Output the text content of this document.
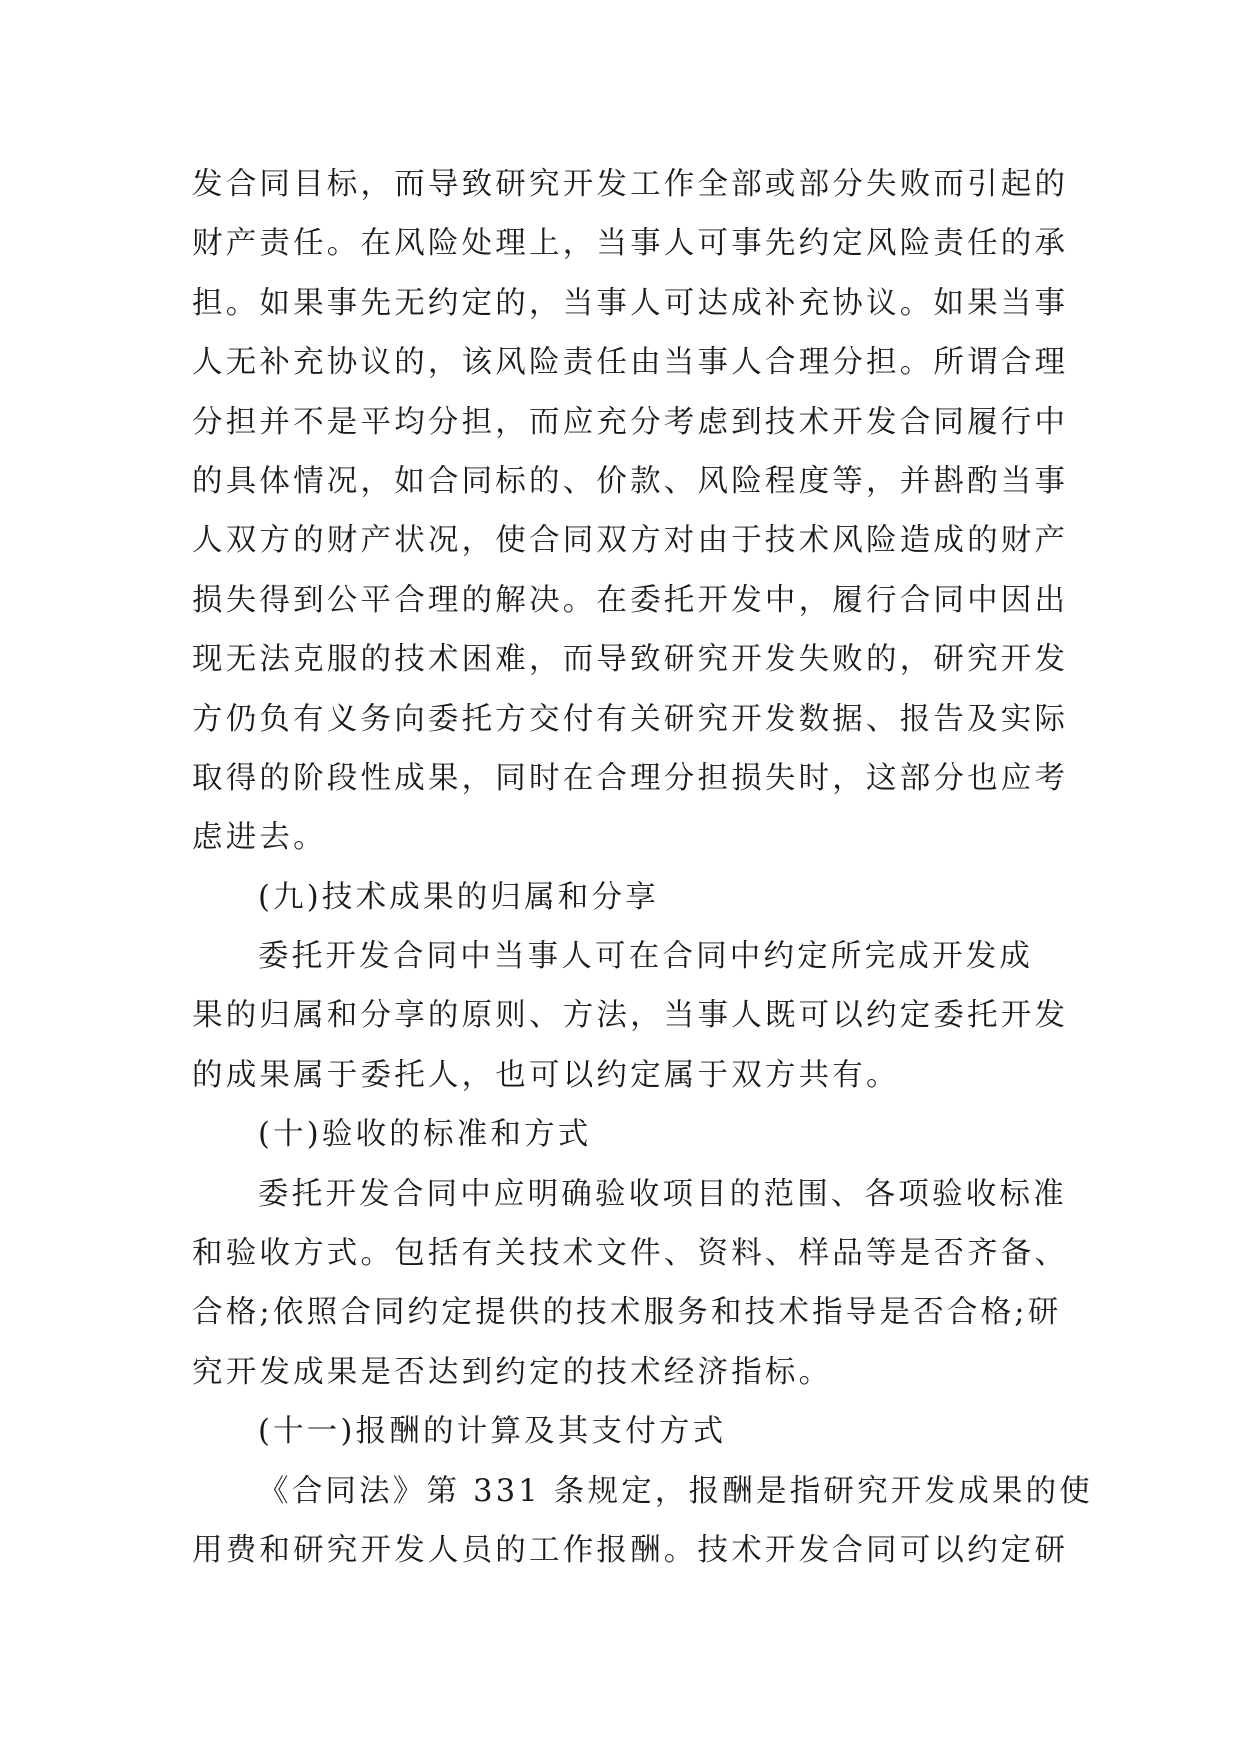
发合同目标，而导致研究开发工作全部或部分失败而引起的
财产责任。在风险处理上，当事人可事先约定风险责任的承
担。如果事先无约定的，当事人可达成补充协议。如果当事
人无补充协议的，该风险责任由当事人合理分担。所谓合理
分担并不是平均分担，而应充分考虑到技术开发合同履行中
的具体情况，如合同标的、价款、风险程度等，并斟酌当事
人双方的财产状况，使合同双方对由于技术风险造成的财产
损失得到公平合理的解决。在委托开发中，履行合同中因出
现无法克服的技术困难，而导致研究开发失败的，研究开发
方仍负有义务向委托方交付有关研究开发数据、报告及实际
取得的阶段性成果，同时在合理分担损失时，这部分也应考
虑进去。
(九)技术成果的归属和分享
委托开发合同中当事人可在合同中约定所完成开发成
果的归属和分享的原则、方法，当事人既可以约定委托开发
的成果属于委托人，也可以约定属于双方共有。
(十)验收的标准和方式
委托开发合同中应明确验收项目的范围、各项验收标准
和验收方式。包括有关技术文件、资料、样品等是否齐备、
合格;依照合同约定提供的技术服务和技术指导是否合格;研
究开发成果是否达到约定的技术经济指标。
(十一)报酬的计算及其支付方式
《合同法》第 331 条规定，报酬是指研究开发成果的使
用费和研究开发人员的工作报酬。技术开发合同可以约定研
